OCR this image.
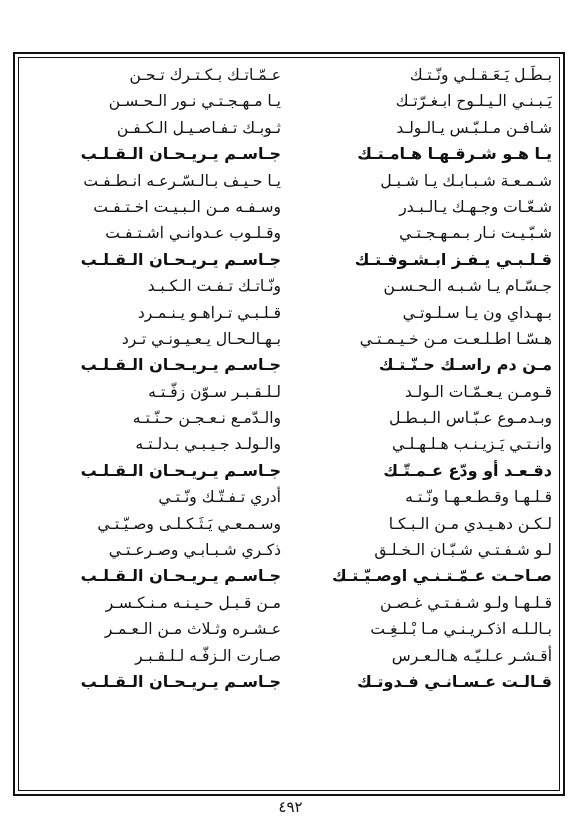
بـطَـل يَـعَـقـلـي ونّـتـك
عـمّـاتـك بـكـتـرك تـحـن
يَـبـنـي الـيـلـوح ابـغـرّتـك
يـا مـهـجـتـي نـور الـحـسـن
شـافـن مـلـبّـس يـالـولـد
ثـوبـك تـفـاصـيـل الـكـفـن
يـا هـو شـرقـهـا هـامـتـك
جـاسـم يـريـحـان الـقـلـب
شـمـعـة شـبـابـك يـا شـبـل
يـا حـيـف بـالـسّـرعـه انـطـفـت
شـعّـات وجـهـك يـالـبـدر
وسـفـه مـن الـبـيـت اخـتـفـت
شـبّـيـت نـار بـمـهـجـتـي
وقـلـوب عـدوانـي اشـتـفـت
قـلـبـي يـفـز ابـشـوفـتـك
جـاسـم يـريـحـان الـقـلـب
جـسّـام يـا شـبـه الـحـسـن
ونّـاتـك تـفـت الـكـبـد
بـهـداي ون يـا سـلـوتـي
قـلـبـي تـراهـو يـنـمـرد
هـسّـا اطـلـعـت مـن خـيـمـتـي
بـهـالـحـال يـعـيـونـي تـرد
مـن دم راسـك حـنّـتـك
جـاسـم يـريـحـان الـقـلـب
قـومـن يـعـمّـات الـولـد
لـلـقـبـر سـوّن زفّـتـه
وبـدمـوع عـبّـاس الـبـطـل
والـدّمـع نـعـجـن حـنّـتـه
وانـتـي يَـزيـنـب هـلـهـلـي
والـولـد جـيـبـي بـدلـتـه
دقـعـد أو ودّع عـمـتّـك
جـاسـم يـريـحـان الـقـلـب
قـلـهـا وقـطـعـهـا ونّـتـه
أدري تـفـتّـك ونّـتـي
لـكـن دهـيـدي مـن الـبـكـا
وسـمـعـي يَـثَـكـلـى وصـيّـتـي
لـو شـفـتـي شـبّـان الـخـلـق
ذكـري شـبـابـي وصـرعـتـي
صـاحـت عـمّـتـنـي اوصـيّـتـك
جـاسـم يـريـحـان الـقـلـب
قـلـهـا ولـو شـفـتـي غـصـن
مـن قـبـل حـيـنـه مـنـكـسـر
بـالـلـه اذكـريـنـي مـا بْـلـغِـت
عـشـره وثـلاث مـن الـعـمـر
أقـشـر عـلـيّـه هـالـعـرس
صـارت الـزفّـه لـلـقـبـر
قـالـت عـسـانـي فـدوتـك
جـاسـم يـريـحـان الـقـلـب
٤٩٢
